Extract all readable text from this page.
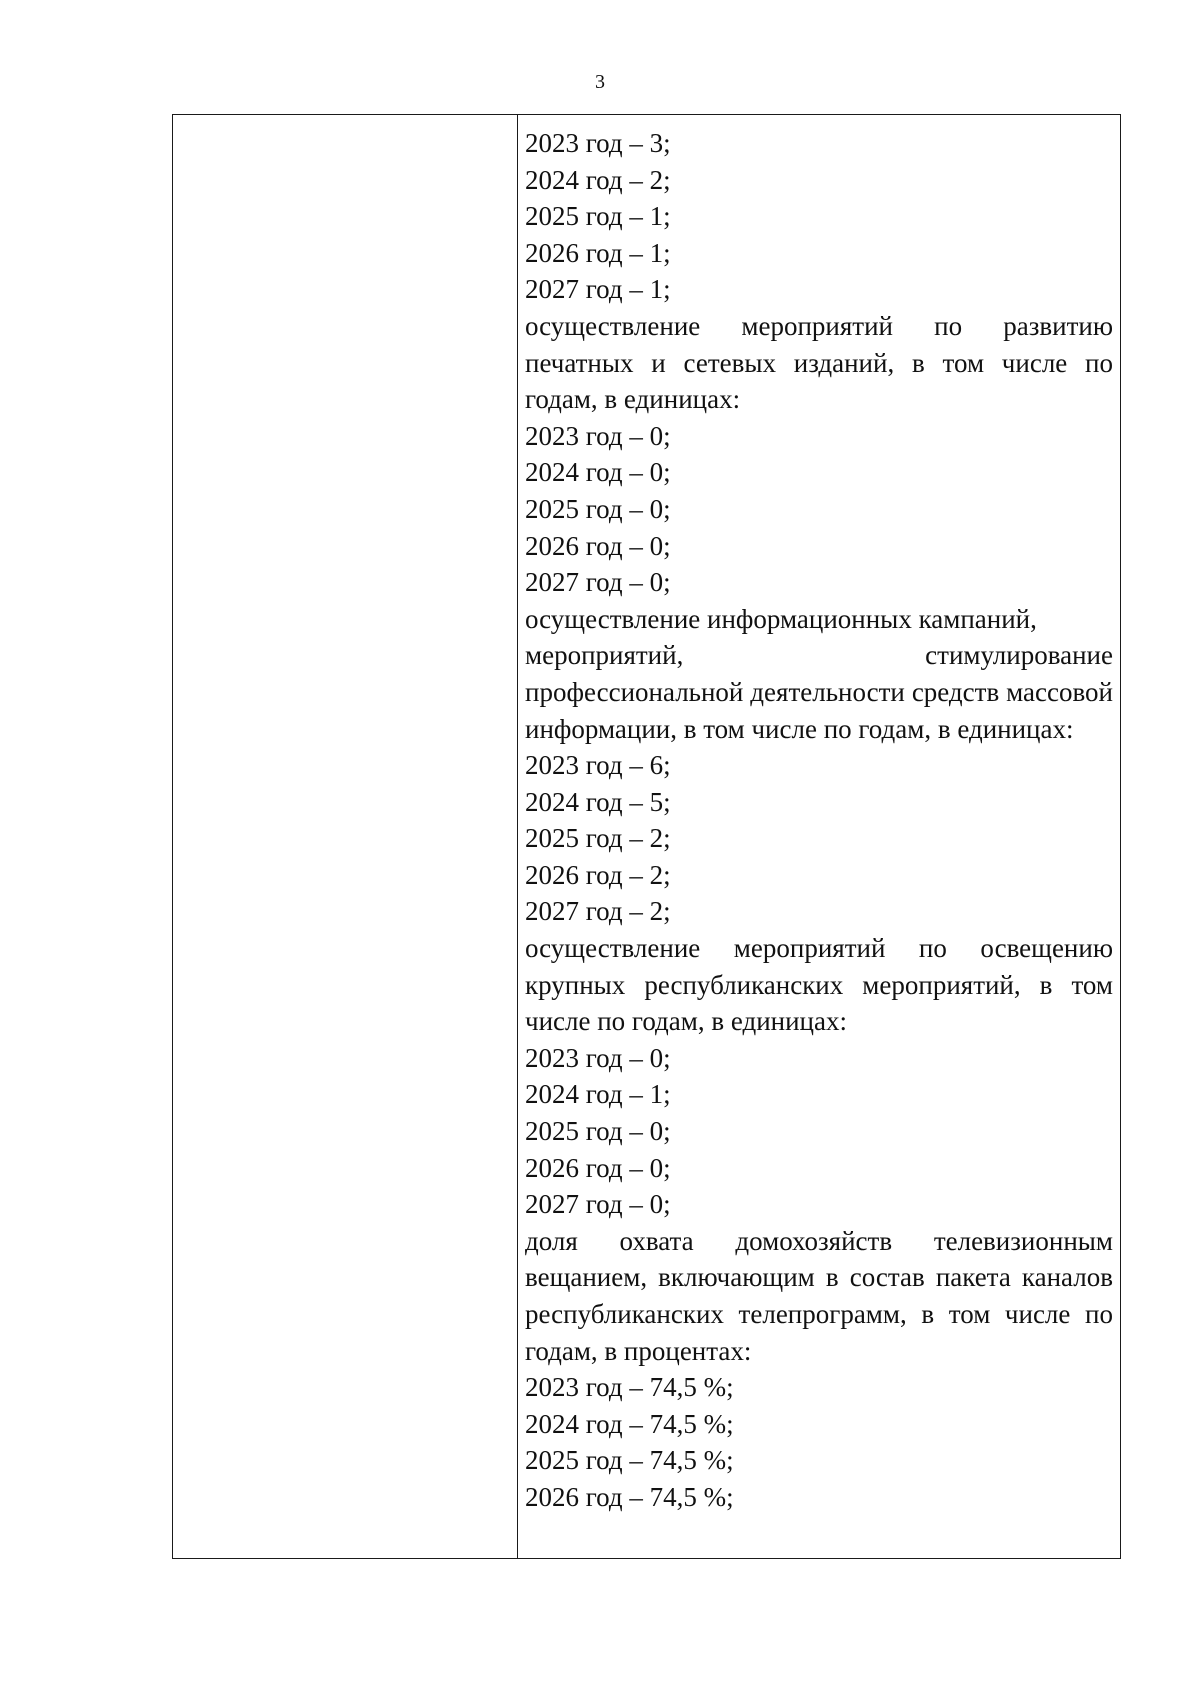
3

2023 год – 3;
2024 год – 2;
2025 год – 1;
2026 год – 1;
2027 год – 1;
осуществление мероприятий по развитию печатных и сетевых изданий, в том числе по годам, в единицах:
2023 год – 0;
2024 год – 0;
2025 год – 0;
2026 год – 0;
2027 год – 0;
осуществление информационных кампаний,
мероприятий,	стимулирование
профессиональной деятельности средств массовой информации, в том числе по годам, в единицах:
2023 год – 6;
2024 год – 5;
2025 год – 2;
2026 год – 2;
2027 год – 2;
осуществление мероприятий по освещению крупных республиканских мероприятий, в том числе по годам, в единицах:
2023 год – 0;
2024 год – 1;
2025 год – 0;
2026 год – 0;
2027 год – 0;
доля охвата домохозяйств телевизионным вещанием, включающим в состав пакета каналов республиканских телепрограмм, в том числе по годам, в процентах:
2023 год – 74,5 %;
2024 год – 74,5 %;
2025 год – 74,5 %;
2026 год – 74,5 %;
